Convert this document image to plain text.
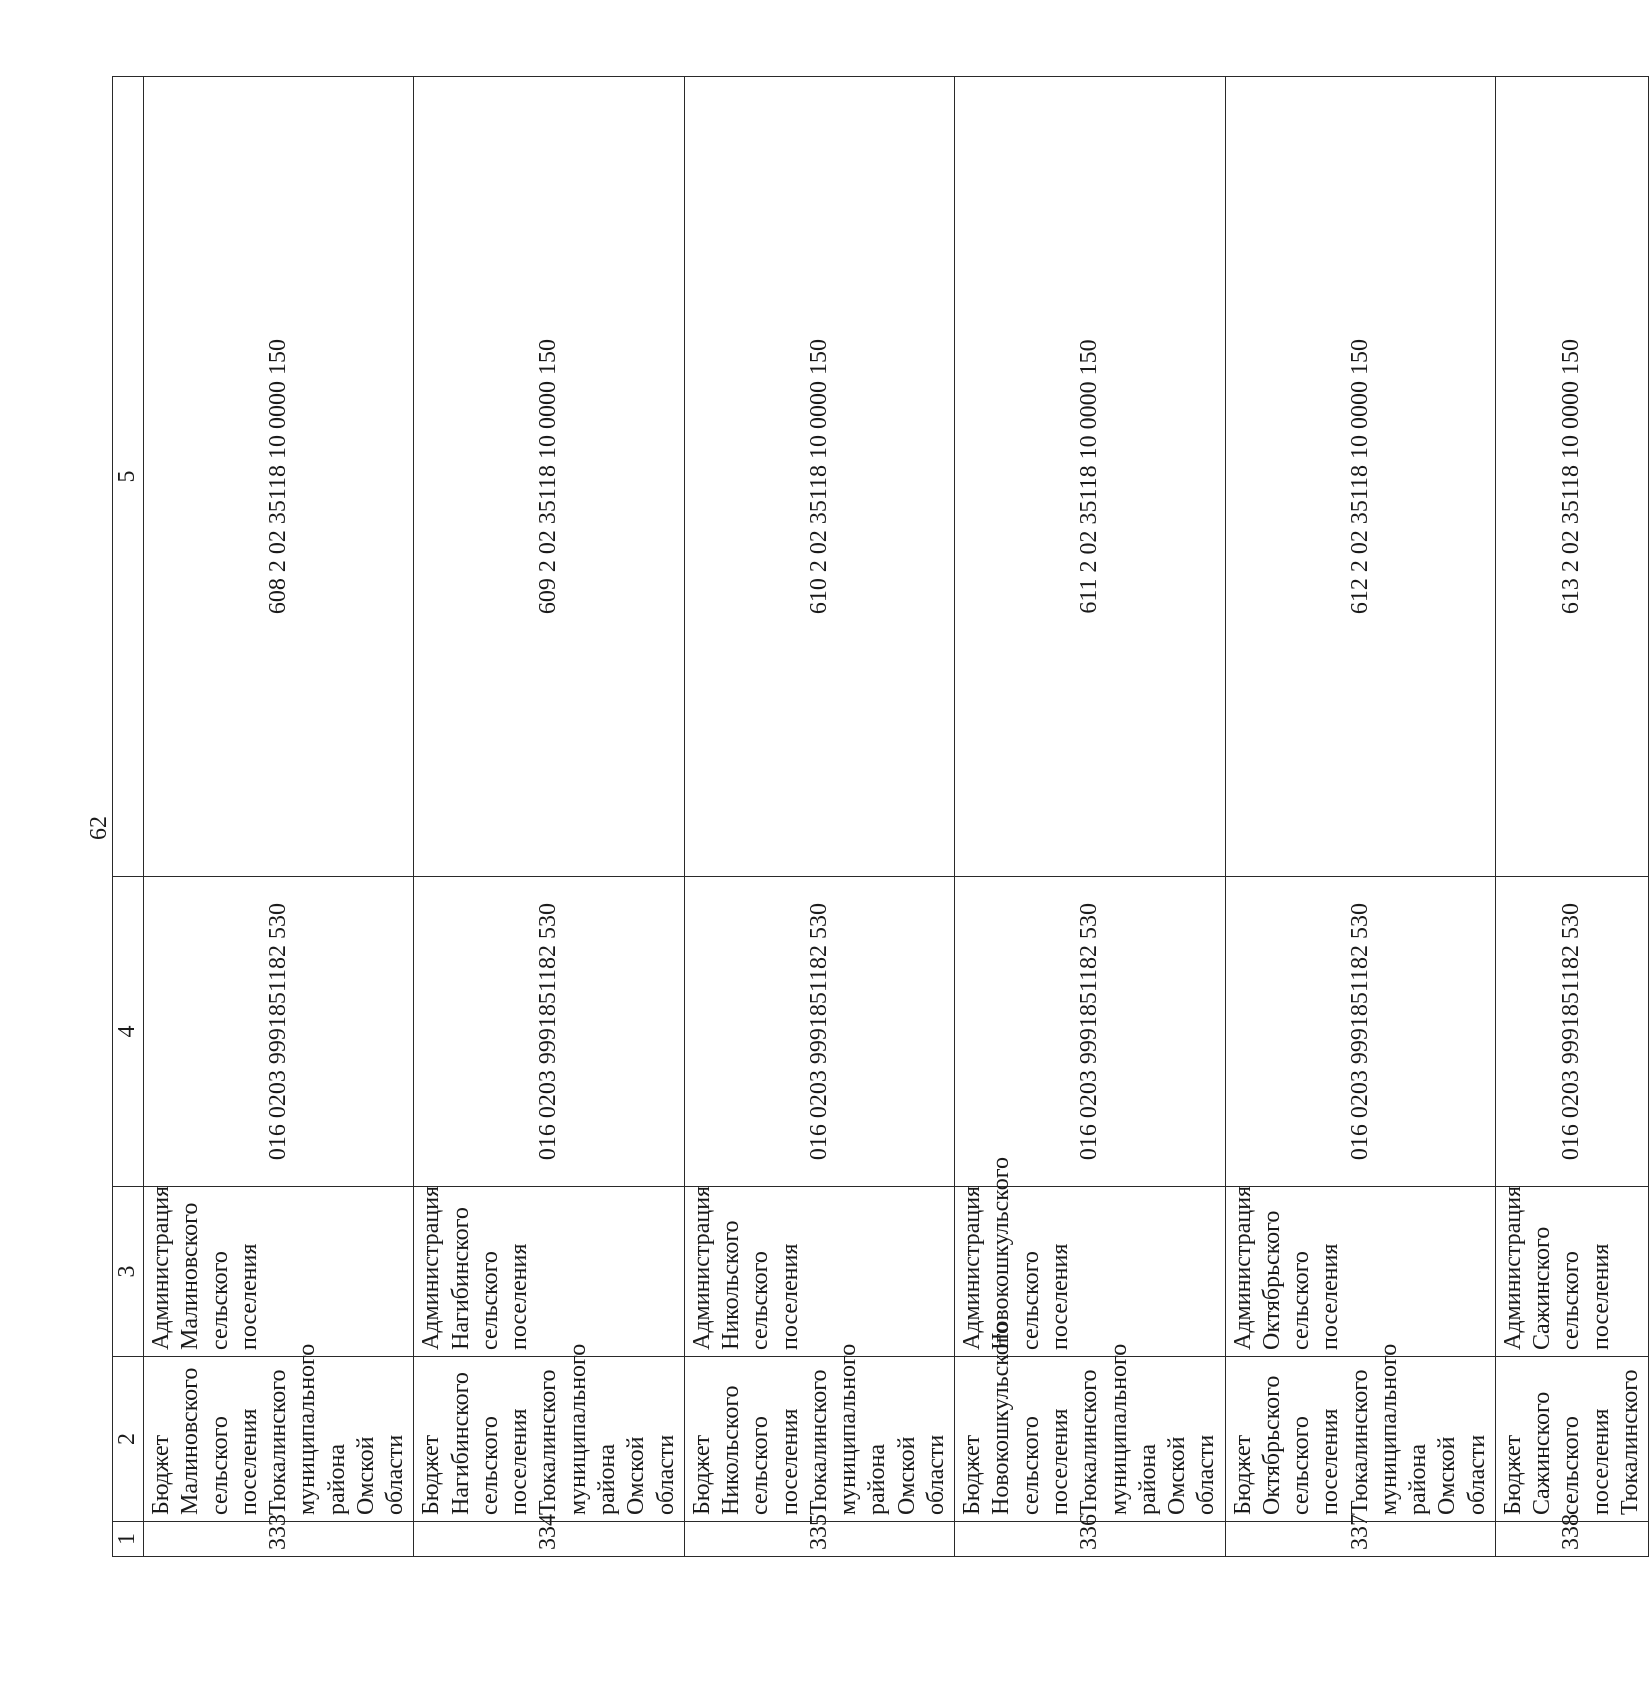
62
1	2	3	4	5
333	Бюджет Малиновского сельского поселения Тюкалинского муниципального района Омской области	Администрация Малиновского сельского поселения	016 0203 9991851182 530	608 2 02 35118 10 0000 150
334	Бюджет Нагибинского сельского поселения Тюкалинского муниципального района Омской области	Администрация Нагибинского сельского поселения	016 0203 9991851182 530	609 2 02 35118 10 0000 150
335	Бюджет Никольского сельского поселения Тюкалинского муниципального района Омской области	Администрация Никольского сельского поселения	016 0203 9991851182 530	610 2 02 35118 10 0000 150
336	Бюджет Новокошкульского сельского поселения Тюкалинского муниципального района Омской области	Администрация Новокошкульского сельского поселения	016 0203 9991851182 530	611 2 02 35118 10 0000 150
337	Бюджет Октябрьского сельского поселения Тюкалинского муниципального района Омской области	Администрация Октябрьского сельского поселения	016 0203 9991851182 530	612 2 02 35118 10 0000 150
338	Бюджет Сажинского сельского поселения Тюкалинского	Администрация Сажинского сельского поселения	016 0203 9991851182 530	613 2 02 35118 10 0000 150
